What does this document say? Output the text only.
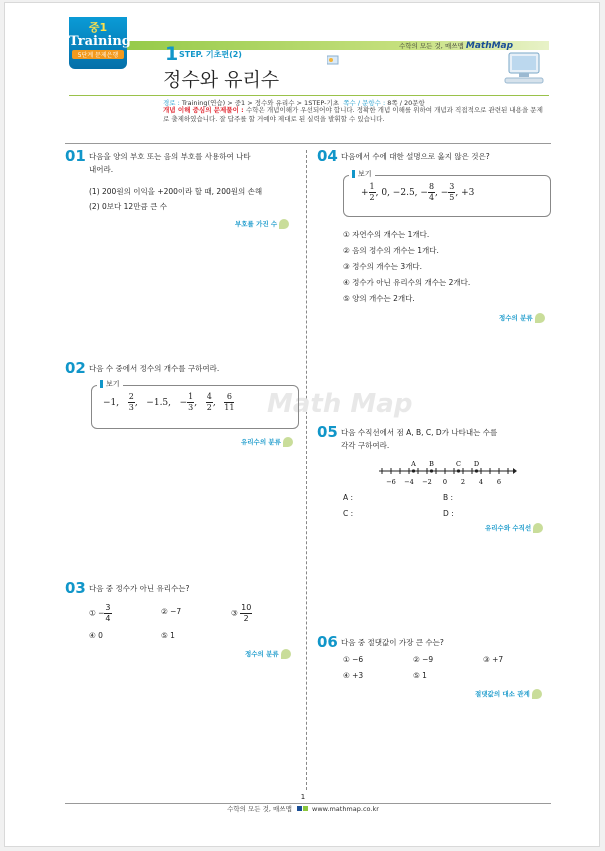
중1
Training
5단계 문제은행	1 STEP. 기초편(2)
정수와 유리수
수학의 모든 것, 매쓰맵 MathMap
경로 : Training(연습) > 중1 > 정수와 유리수 > 1STEP-기초 쪽수 / 문항수 : 8쪽 / 20문항
개념 이해 중심의 문제풀이 : 수학은 개념이해가 우선되어야 합니다. 정확한 개념 이해를 위하여 개념과 직접적으로 관련된 내용을 문제로 출제하였습니다. 잘 답주를 할 거예야 제대로 된 실력을 발휘할 수 있습니다.
Math Map
01 다음을 양의 부호 또는 음의 부호를 사용하여 나타
내어라.
(1) 200원의 이익을 +200이라 할 때, 200원의 손해
(2) 0보다 12만큼 큰 수
부호를 가진 수
02 다음 수 중에서 정수의 개수를 구하여라.
보기
−1, $\frac{2}{3}$ , −1.5, − $\frac{1}{3}$ , $\frac{4}{2}$ , $\frac{6}{11}$
유리수의 분류
03 다음 중 정수가 아닌 유리수는?
① − $\frac{3}{4}$	② −7	③ $\frac{10}{2}$
④ 0	⑤ 1
정수의 분류
04 다음에서 수에 대한 설명으로 옳지 않은 것은?
보기
+ $\frac{1}{2}$ , 0, −2.5, − $\frac{8}{4}$ , − $\frac{3}{5}$ , +3
① 자연수의 개수는 1개다.
② 음의 정수의 개수는 1개다.
③ 정수의 개수는 3개다.
④ 정수가 아닌 유리수의 개수는 2개다.
⑤ 양의 개수는 2개다.
정수의 분류
05 다음 수직선에서 점 A, B, C, D가 나타내는 수를
각각 구하여라.
−6 −4 −2 0 2 4 6
A B	C D
A :	B :
C :	D :
유리수와 수직선
06 다음 중 절댓값이 가장 큰 수는?
① −6	② −9	③ +7
④ +3	⑤ 1
절댓값의 대소 관계
1
수학의 모든 것, 매쓰맵	www.mathmap.co.kr
